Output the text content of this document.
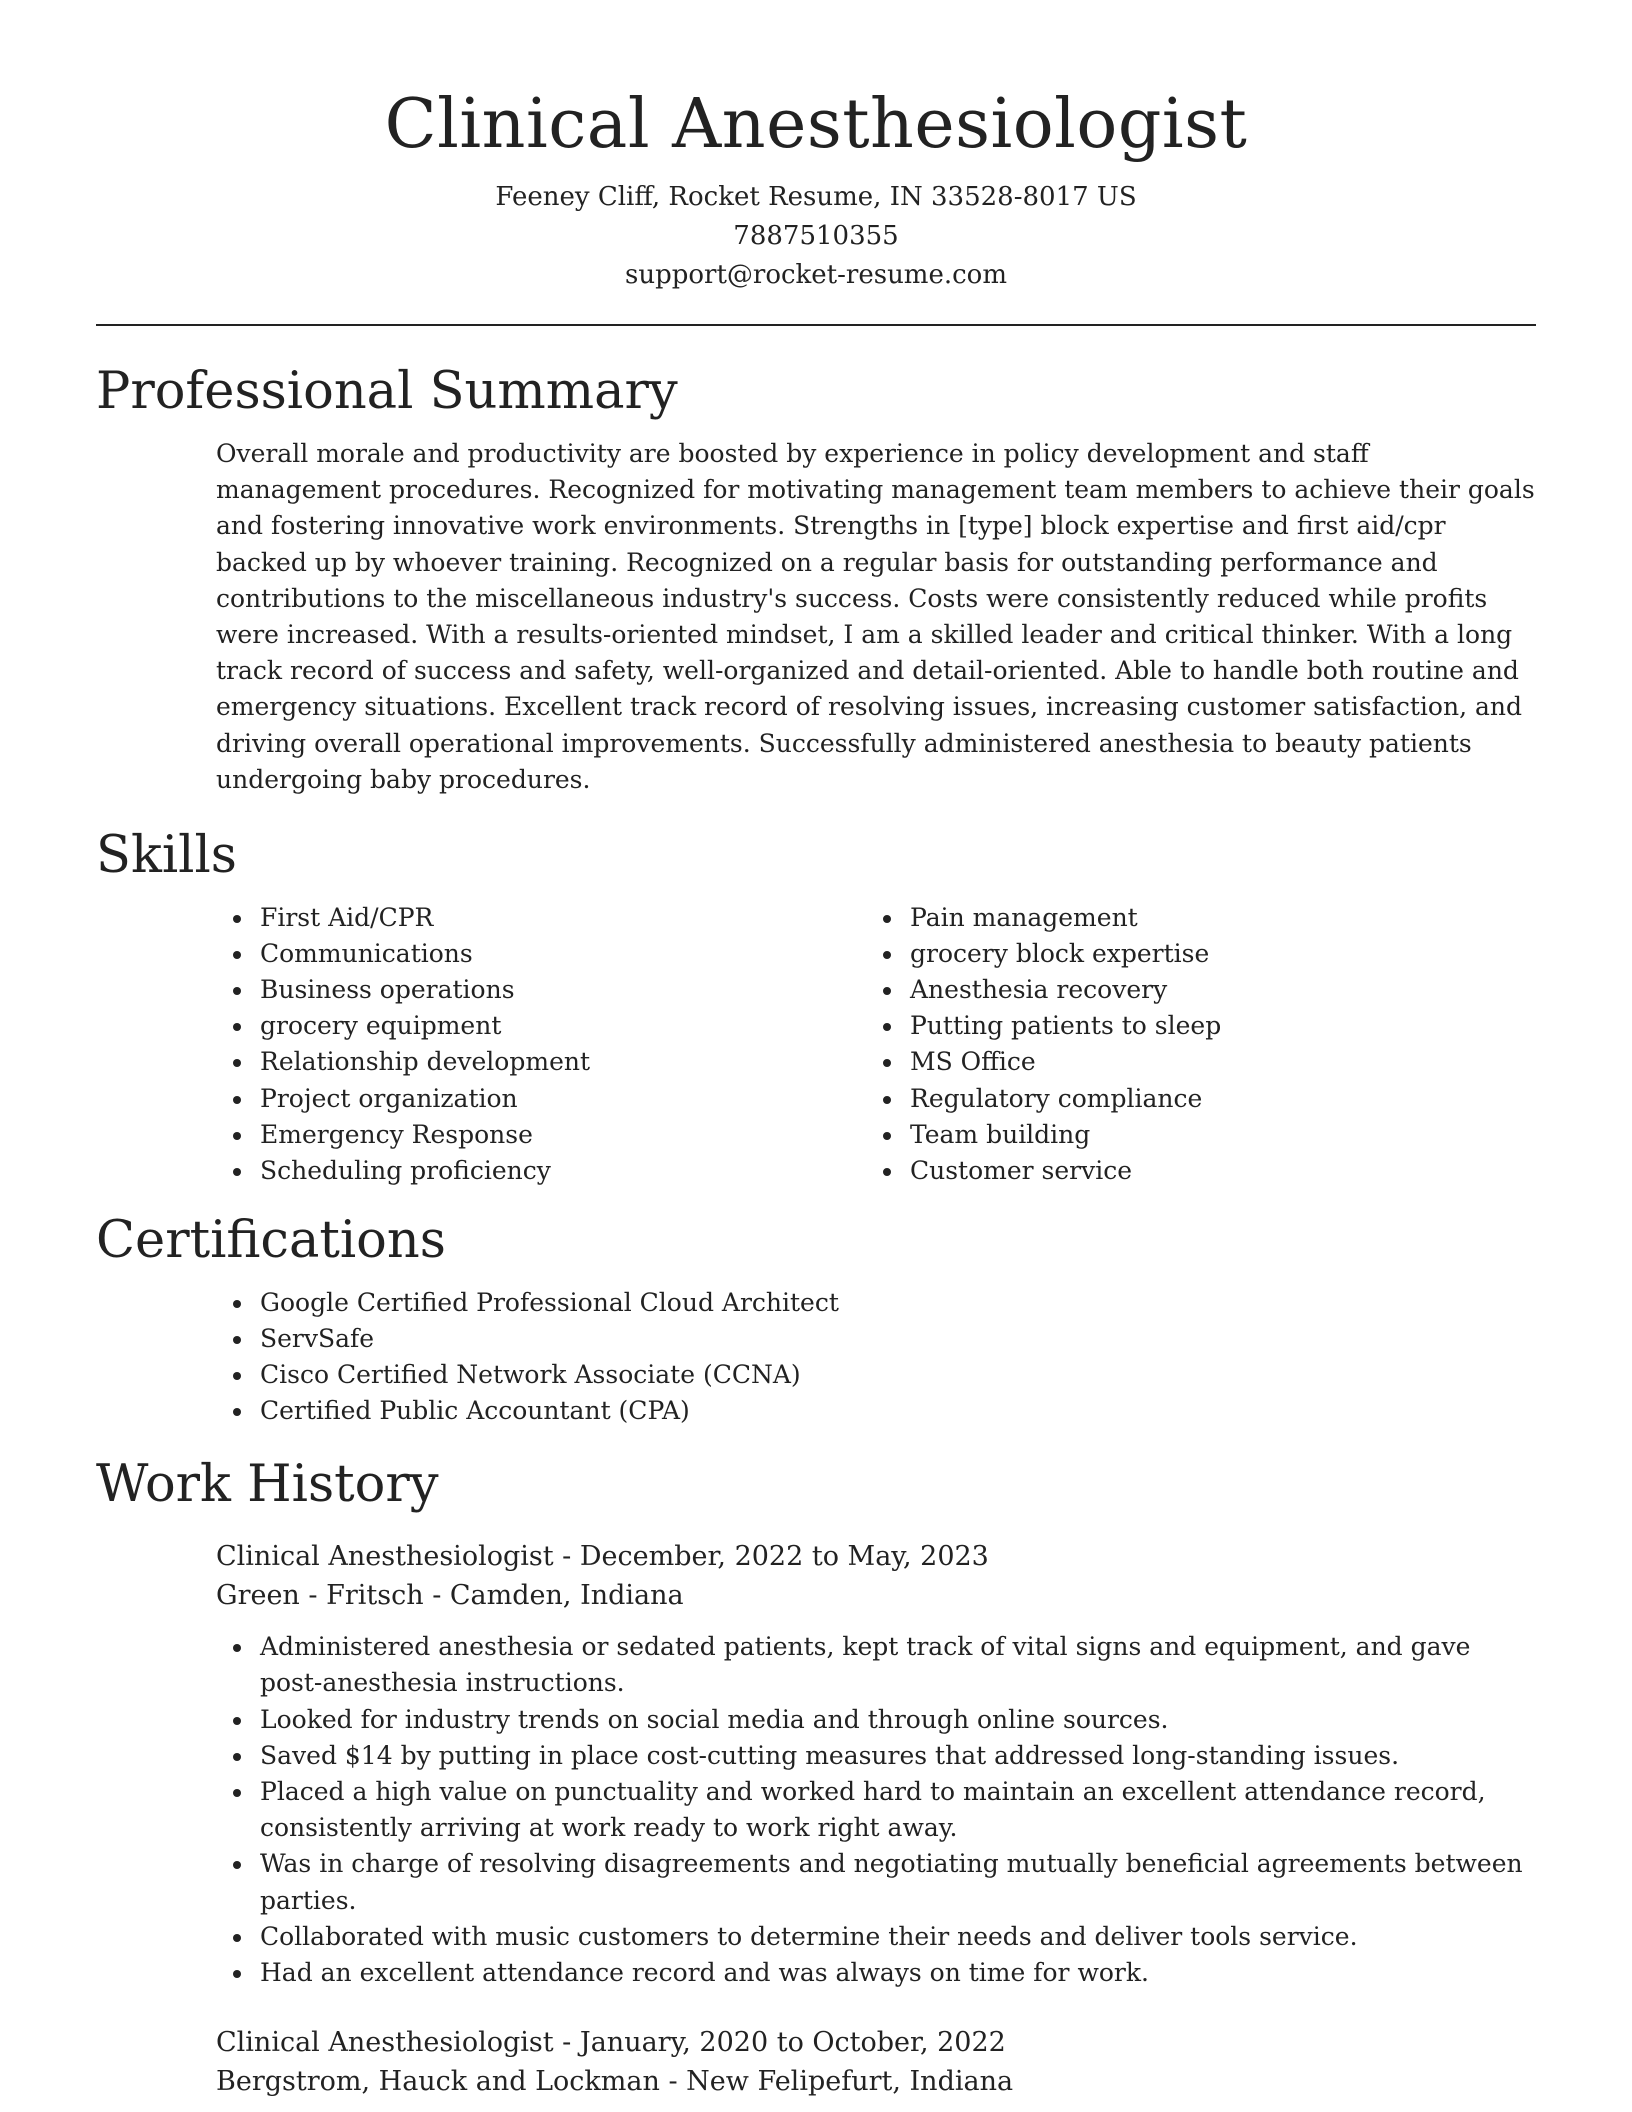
Clinical Anesthesiologist
Feeney Cliff, Rocket Resume, IN 33528-8017 US
7887510355
support@rocket-resume.com
Professional Summary

Overall morale and productivity are boosted by experience in policy development and staff management procedures. Recognized for motivating management team members to achieve their goals and fostering innovative work environments. Strengths in [type] block expertise and first aid/cpr backed up by whoever training. Recognized on a regular basis for outstanding performance and contributions to the miscellaneous industry's success. Costs were consistently reduced while profits were increased. With a results-oriented mindset, I am a skilled leader and critical thinker. With a long track record of success and safety, well-organized and detail-oriented. Able to handle both routine and emergency situations. Excellent track record of resolving issues, increasing customer satisfaction, and driving overall operational improvements. Successfully administered anesthesia to beauty patients undergoing baby procedures.

Skills
First Aid/CPR
Communications
Business operations
grocery equipment
Relationship development
Project organization
Emergency Response
Scheduling proficiency
Pain management
grocery block expertise
Anesthesia recovery
Putting patients to sleep
MS Office
Regulatory compliance
Team building
Customer service
Certifications
Google Certified Professional Cloud Architect
ServSafe
Cisco Certified Network Associate (CCNA)
Certified Public Accountant (CPA)
Work History
Clinical Anesthesiologist - December, 2022 to May, 2023
Green - Fritsch - Camden, Indiana
Administered anesthesia or sedated patients, kept track of vital signs and equipment, and gave post-anesthesia instructions.
Looked for industry trends on social media and through online sources.
Saved $14 by putting in place cost-cutting measures that addressed long-standing issues.
Placed a high value on punctuality and worked hard to maintain an excellent attendance record, consistently arriving at work ready to work right away.
Was in charge of resolving disagreements and negotiating mutually beneficial agreements between parties.
Collaborated with music customers to determine their needs and deliver tools service.
Had an excellent attendance record and was always on time for work.
Clinical Anesthesiologist - January, 2020 to October, 2022
Bergstrom, Hauck and Lockman - New Felipefurt, Indiana
